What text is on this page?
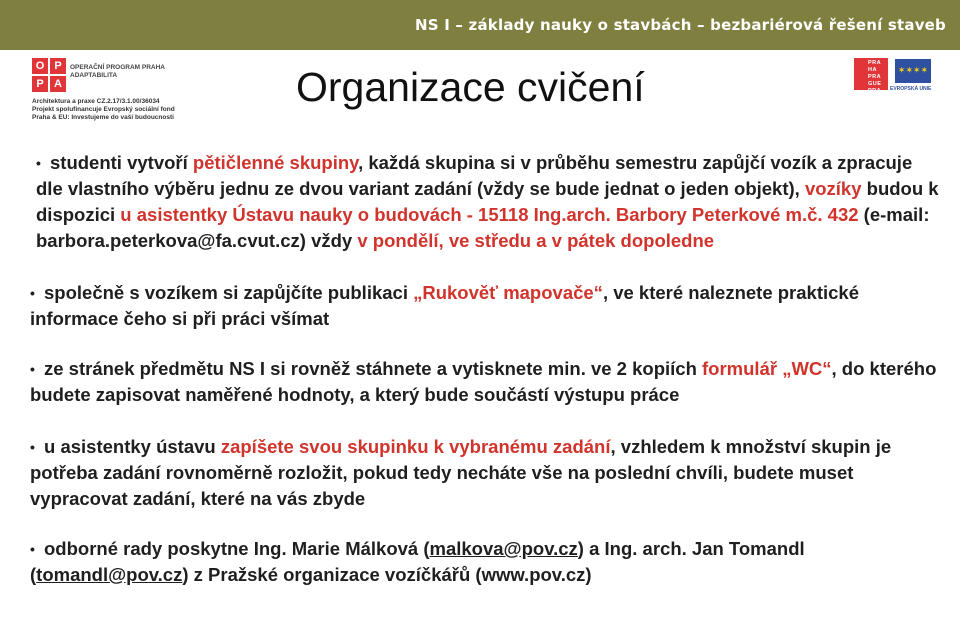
NS I – základy nauky o stavbách – bezbariérová řešení staveb
O P
P A
OPERAČNÍ PROGRAM PRAHA
ADAPTABILITA
Architektura a praxe CZ.2.17/3.1.00/36034
Projekt spolufinancuje Evropský sociální fond
Praha & EU: Investujeme do vaší budoucnosti
PRA HA
PRA GUE
PRA GA
PRA G
✶✶✶✶
EVROPSKÁ UNIE
Organizace cvičení
• studenti vytvoří pětičlenné skupiny, každá skupina si v průběhu semestru zapůjčí vozík a zpracuje dle vlastního výběru jednu ze dvou variant zadání (vždy se bude jednat o jeden objekt), vozíky budou k dispozici u asistentky Ústavu nauky o budovách - 15118 Ing.arch. Barbory Peterkové m.č. 432 (e-mail: barbora.peterkova@fa.cvut.cz) vždy v pondělí, ve středu a v pátek dopoledne
• společně s vozíkem si zapůjčíte publikaci „Rukověť mapovače“, ve které naleznete praktické informace čeho si při práci všímat
• ze stránek předmětu NS I si rovněž stáhnete a vytisknete min. ve 2 kopiích formulář „WC“, do kterého budete zapisovat naměřené hodnoty, a který bude součástí výstupu práce
• u asistentky ústavu zapíšete svou skupinku k vybranému zadání, vzhledem k množství skupin je potřeba zadání rovnoměrně rozložit, pokud tedy necháte vše na poslední chvíli, budete muset vypracovat zadání, které na vás zbyde
• odborné rady poskytne Ing. Marie Málková (malkova@pov.cz) a Ing. arch. Jan Tomandl (tomandl@pov.cz) z Pražské organizace vozíčkářů (www.pov.cz)
